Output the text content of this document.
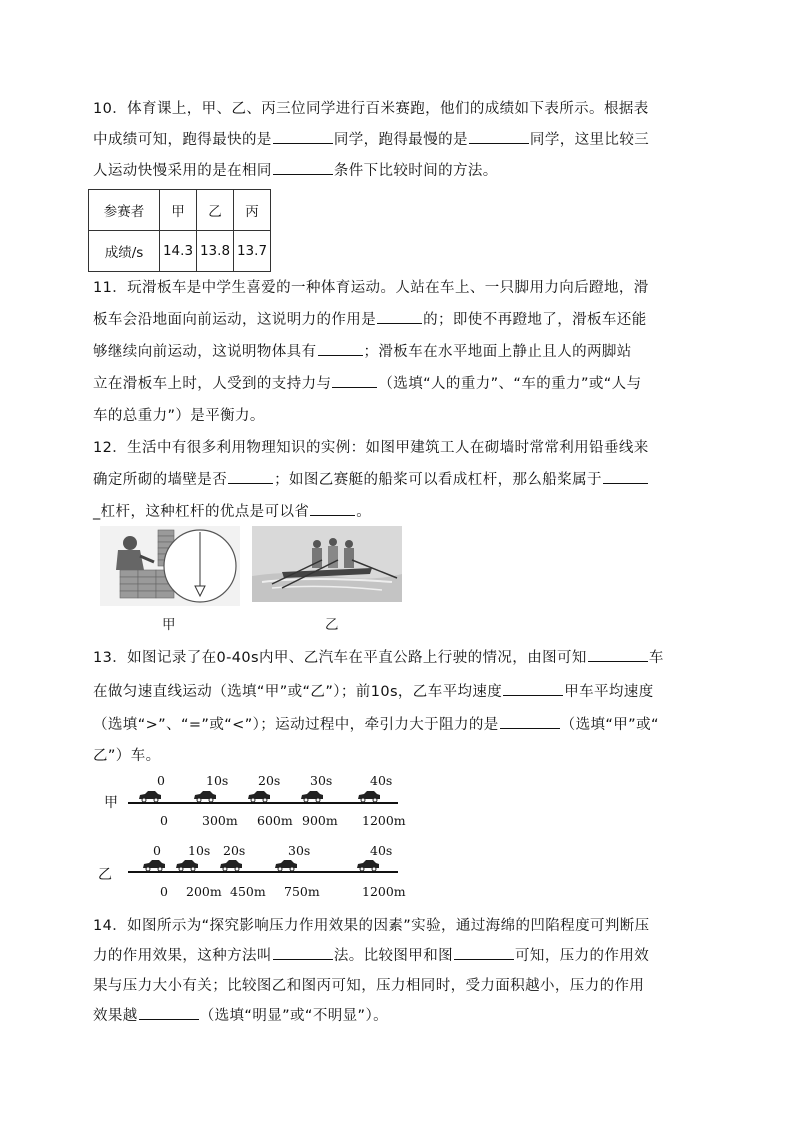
10．体育课上，甲、乙、丙三位同学进行百米赛跑，他们的成绩如下表所示。根据表
中成绩可知，跑得最快的是	同学，跑得最慢的是	同学，这里比较三
人运动快慢采用的是在相同	条件下比较时间的方法。
参赛者	甲	乙	丙
成绩/s	14.3	13.8	13.7
11．玩滑板车是中学生喜爱的一种体育运动。人站在车上、一只脚用力向后蹬地，滑
板车会沿地面向前运动，这说明力的作用是	的；即使不再蹬地了，滑板车还能
够继续向前运动，这说明物体具有	；滑板车在水平地面上静止且人的两脚站
立在滑板车上时，人受到的支持力与	（选填“人的重力”、“车的重力”或“人与
车的总重力”）是平衡力。
12．生活中有很多利用物理知识的实例：如图甲建筑工人在砌墙时常常利用铅垂线来
确定所砌的墙壁是否	；如图乙赛艇的船桨可以看成杠杆，那么船桨属于
_杠杆，这种杠杆的优点是可以省	。
甲	乙
13．如图记录了在0-40s内甲、乙汽车在平直公路上行驶的情况，由图可知	车
在做匀速直线运动（选填“甲”或“乙”）；前10s，乙车平均速度	甲车平均速度
（选填“>”、“=”或“<”）；运动过程中，牵引力大于阻力的是	（选填“甲”或“
乙”）车。
甲
0	10s 20s 30s	40s
0	300m 600m 900m 1200m
乙
0 10s 20s	30s	40s
0 200m 450m 750m	1200m
14．如图所示为“探究影响压力作用效果的因素”实验，通过海绵的凹陷程度可判断压
力的作用效果，这种方法叫	法。比较图甲和图	可知，压力的作用效
果与压力大小有关；比较图乙和图丙可知，压力相同时，受力面积越小，压力的作用
效果越	（选填“明显”或“不明显”）。
